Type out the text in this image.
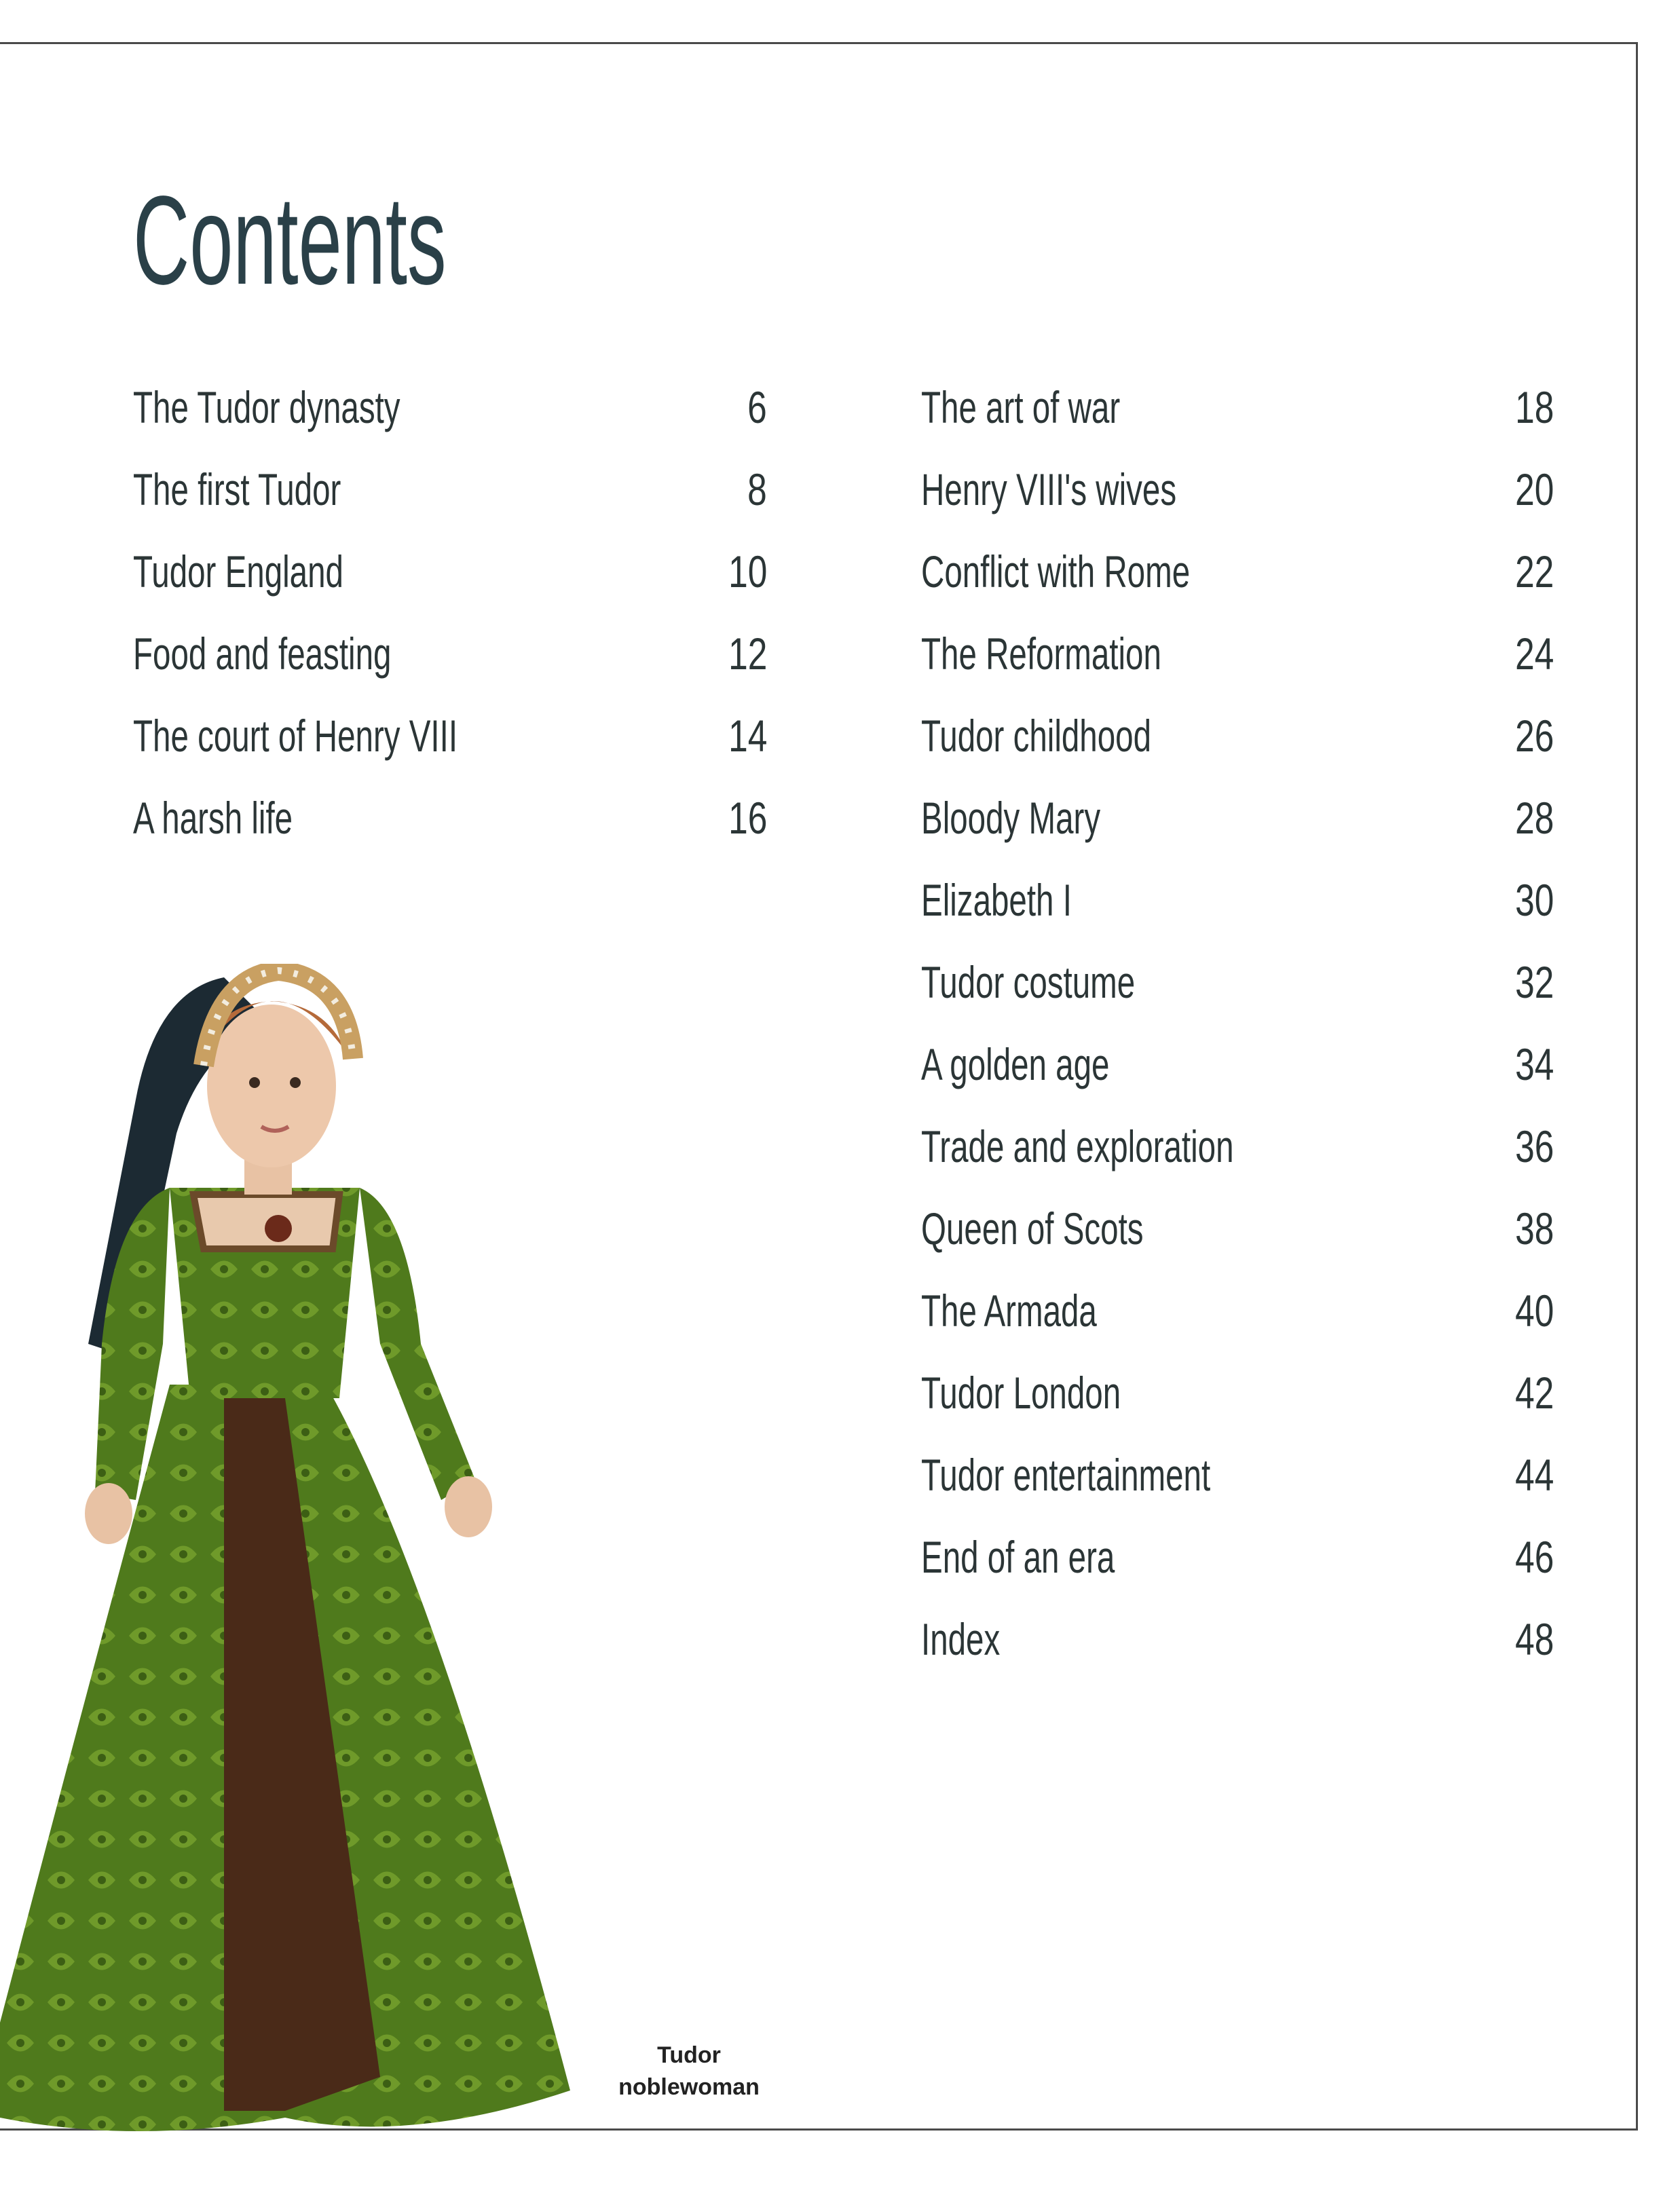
Contents
The Tudor dynasty	6
The first Tudor	8
Tudor England	10
Food and feasting	12
The court of Henry VIII	14
A harsh life	16
The art of war	18
Henry VIII's wives	20
Conflict with Rome	22
The Reformation	24
Tudor childhood	26
Bloody Mary	28
Elizabeth I	30
Tudor costume	32
A golden age	34
Trade and exploration	36
Queen of Scots	38
The Armada	40
Tudor London	42
Tudor entertainment	44
End of an era	46
Index	48
Tudor
noblewoman
